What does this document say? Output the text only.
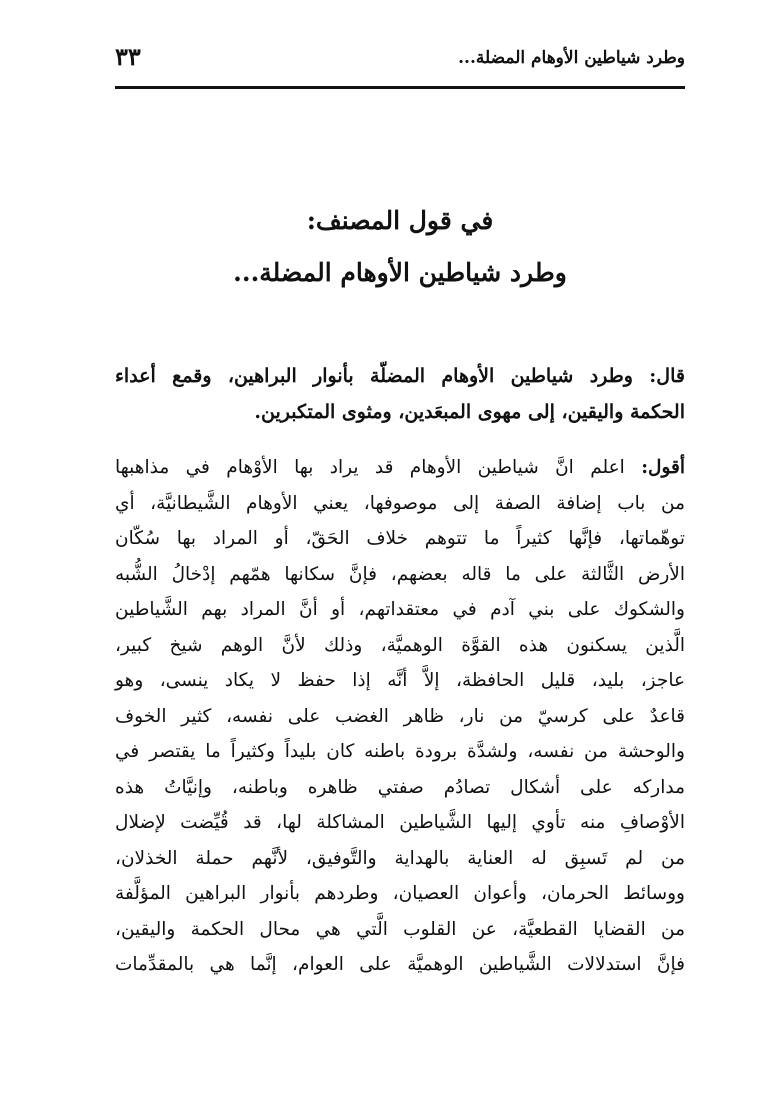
وطرد شياطين الأوهام المضلة...
٣٣
في قول المصنف:
وطرد شياطين الأوهام المضلة...
قال: وطرد شياطين الأوهام المضلّة بأنوار البراهين، وقمع أعداء
الحكمة واليقين، إلى مهوى المبعَدين، ومثوى المتكبرين.
أقول: اعلم انَّ شياطين الأوهام قد يراد بها الأوْهام في مذاهبها
من باب إضافة الصفة إلى موصوفها، يعني الأوهام الشَّيطانيَّة، أي
توهّماتها، فإنَّها كثيراً ما تتوهم خلاف الحَقّ، أو المراد بها سُكّان
الأرض الثَّالثة على ما قاله بعضهم، فإنَّ سكانها همّهم إدْخالُ الشُّبه
والشكوك على بني آدم في معتقداتهم، أو أنَّ المراد بهم الشَّياطين
الَّذين يسكنون هذه القوَّة الوهميَّة، وذلك لأنَّ الوهم شيخ كبير،
عاجز، بليد، قليل الحافظة، إلاَّ أنَّه إذا حفظ لا يكاد ينسى، وهو
قاعدٌ على كرسيّ من نار، ظاهر الغضب على نفسه، كثير الخوف
والوحشة من نفسه، ولشدَّة برودة باطنه كان بليداً وكثيراً ما يقتصر في
مداركه على أشكال تصادُم صفتي ظاهره وباطنه، وإنيَّاتُ هذه
الأوْصافِ منه تأوي إليها الشَّياطين المشاكلة لها، قد قُيِّضت لإضلال
من لم تَسبِق له العناية بالهداية والتَّوفيق، لأنَّهم حملة الخذلان،
ووسائط الحرمان، وأعوان العصيان، وطردهم بأنوار البراهين المؤلَّفة
من القضايا القطعيَّة، عن القلوب الَّتي هي محال الحكمة واليقين،
فإنَّ استدلالات الشَّياطين الوهميَّة على العوام، إنَّما هي بالمقدِّمات
